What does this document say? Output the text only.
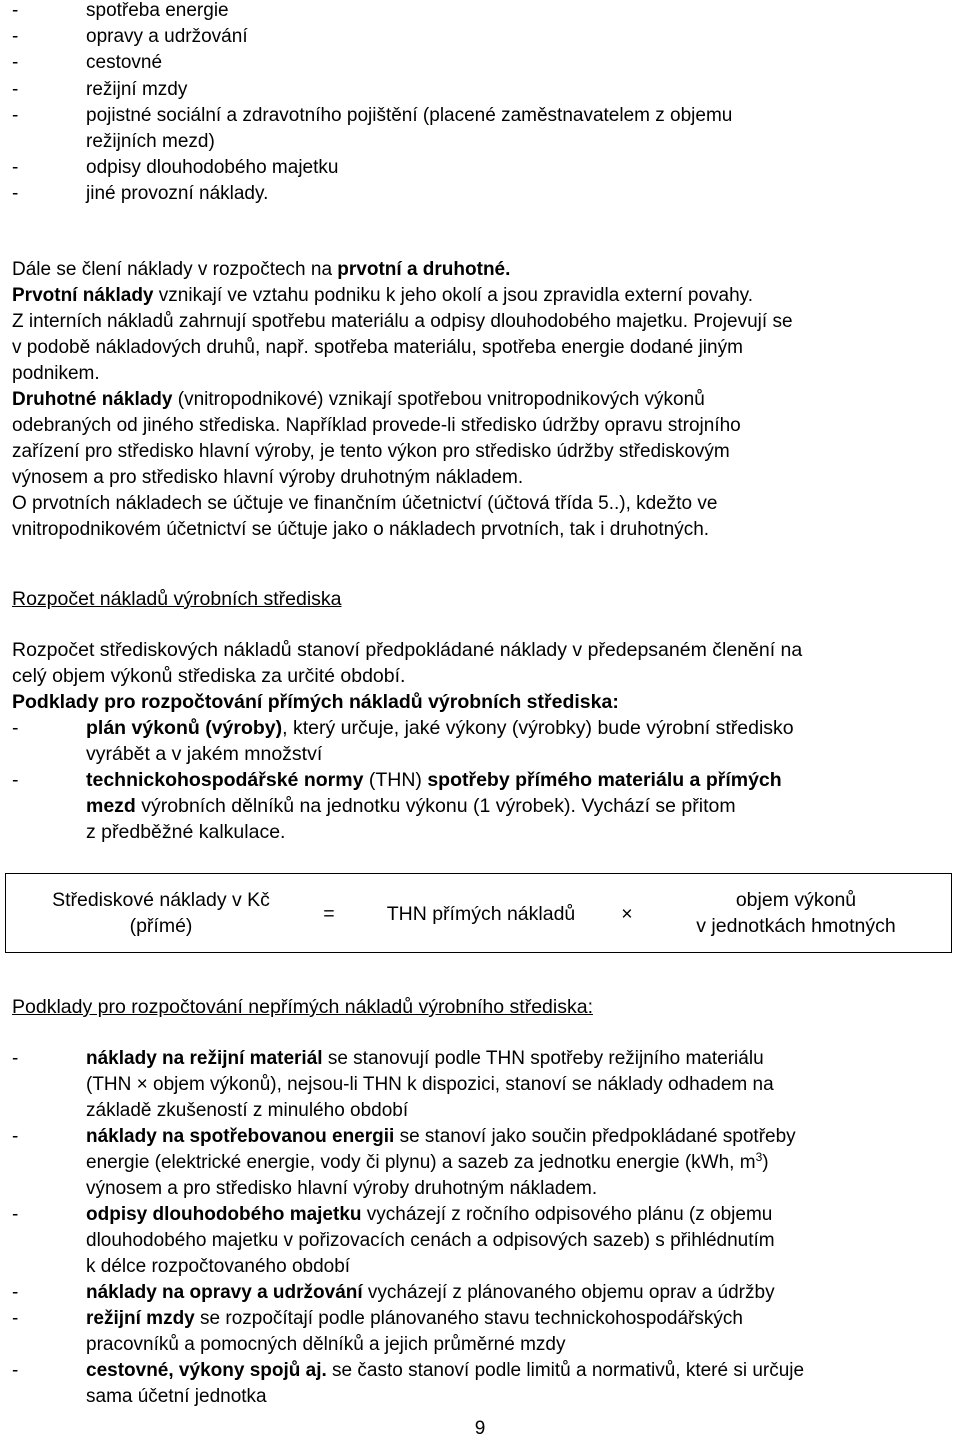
-	spotřeba energie
-	opravy a udržování
-	cestovné
-	režijní mzdy
-	pojistné sociální a zdravotního pojištění (placené zaměstnavatelem z objemu
režijních mezd)
-	odpisy dlouhodobého majetku
-	jiné provozní náklady.
Dále se člení náklady v rozpočtech na prvotní a druhotné.
Prvotní náklady vznikají ve vztahu podniku k jeho okolí a jsou zpravidla externí povahy.
Z interních nákladů zahrnují spotřebu materiálu a odpisy dlouhodobého majetku. Projevují se
v podobě nákladových druhů, např. spotřeba materiálu, spotřeba energie dodané jiným
podnikem.
Druhotné náklady (vnitropodnikové) vznikají spotřebou vnitropodnikových výkonů
odebraných od jiného střediska. Například provede-li středisko údržby opravu strojního
zařízení pro středisko hlavní výroby, je tento výkon pro středisko údržby střediskovým
výnosem a pro středisko hlavní výroby druhotným nákladem.
O prvotních nákladech se účtuje ve finančním účetnictví (účtová třída 5..), kdežto ve
vnitropodnikovém účetnictví se účtuje jako o nákladech prvotních, tak i druhotných.
Rozpočet nákladů výrobních střediska
Rozpočet střediskových nákladů stanoví předpokládané náklady v předepsaném členění na
celý objem výkonů střediska za určité období.
Podklady pro rozpočtování přímých nákladů výrobních střediska:
-	plán výkonů (výroby), který určuje, jaké výkony (výrobky) bude výrobní středisko
vyrábět a v jakém množství
-	technickohospodářské normy (THN) spotřeby přímého materiálu a přímých
mezd výrobních dělníků na jednotku výkonu (1 výrobek). Vychází se přitom
z předběžné kalkulace.
Podklady pro rozpočtování nepřímých nákladů výrobního střediska:
-	náklady na režijní materiál se stanovují podle THN spotřeby režijního materiálu
(THN × objem výkonů), nejsou-li THN k dispozici, stanoví se náklady odhadem na
základě zkušeností z minulého období
-	náklady na spotřebovanou energii se stanoví jako součin předpokládané spotřeby
energie (elektrické energie, vody či plynu) a sazeb za jednotku energie (kWh, $m^3$)
výnosem a pro středisko hlavní výroby druhotným nákladem.
-	odpisy dlouhodobého majetku vycházejí z ročního odpisového plánu (z objemu
dlouhodobého majetku v pořizovacích cenách a odpisových sazeb) s přihlédnutím
k délce rozpočtovaného období
-	náklady na opravy a udržování vycházejí z plánovaného objemu oprav a údržby
-	režijní mzdy se rozpočítají podle plánovaného stavu technickohospodářských
pracovníků a pomocných dělníků a jejich průměrné mzdy
-	cestovné, výkony spojů aj. se často stanoví podle limitů a normativů, které si určuje
sama účetní jednotka
Střediskové náklady v Kč
(přímé)
=	THN přímých nákladů	×
objem výkonů
v jednotkách hmotných
9
